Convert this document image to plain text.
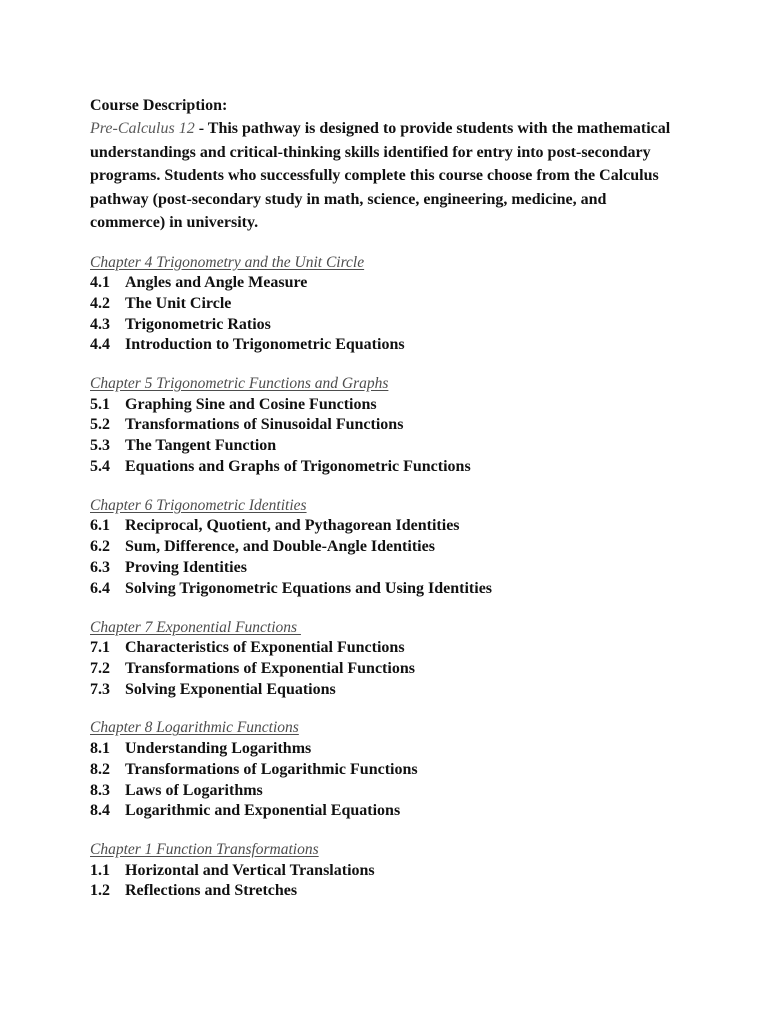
Course Description:
Pre-Calculus 12 - This pathway is designed to provide students with the mathematical understandings and critical-thinking skills identified for entry into post-secondary programs. Students who successfully complete this course choose from the Calculus pathway (post-secondary study in math, science, engineering, medicine, and commerce) in university.
Chapter 4 Trigonometry and the Unit Circle
4.1 Angles and Angle Measure
4.2 The Unit Circle
4.3 Trigonometric Ratios
4.4 Introduction to Trigonometric Equations
Chapter 5 Trigonometric Functions and Graphs
5.1 Graphing Sine and Cosine Functions
5.2 Transformations of Sinusoidal Functions
5.3 The Tangent Function
5.4 Equations and Graphs of Trigonometric Functions
Chapter 6 Trigonometric Identities
6.1 Reciprocal, Quotient, and Pythagorean Identities
6.2 Sum, Difference, and Double-Angle Identities
6.3 Proving Identities
6.4 Solving Trigonometric Equations and Using Identities
Chapter 7 Exponential Functions
7.1 Characteristics of Exponential Functions
7.2 Transformations of Exponential Functions
7.3 Solving Exponential Equations
Chapter 8 Logarithmic Functions
8.1 Understanding Logarithms
8.2 Transformations of Logarithmic Functions
8.3 Laws of Logarithms
8.4 Logarithmic and Exponential Equations
Chapter 1 Function Transformations
1.1 Horizontal and Vertical Translations
1.2 Reflections and Stretches
